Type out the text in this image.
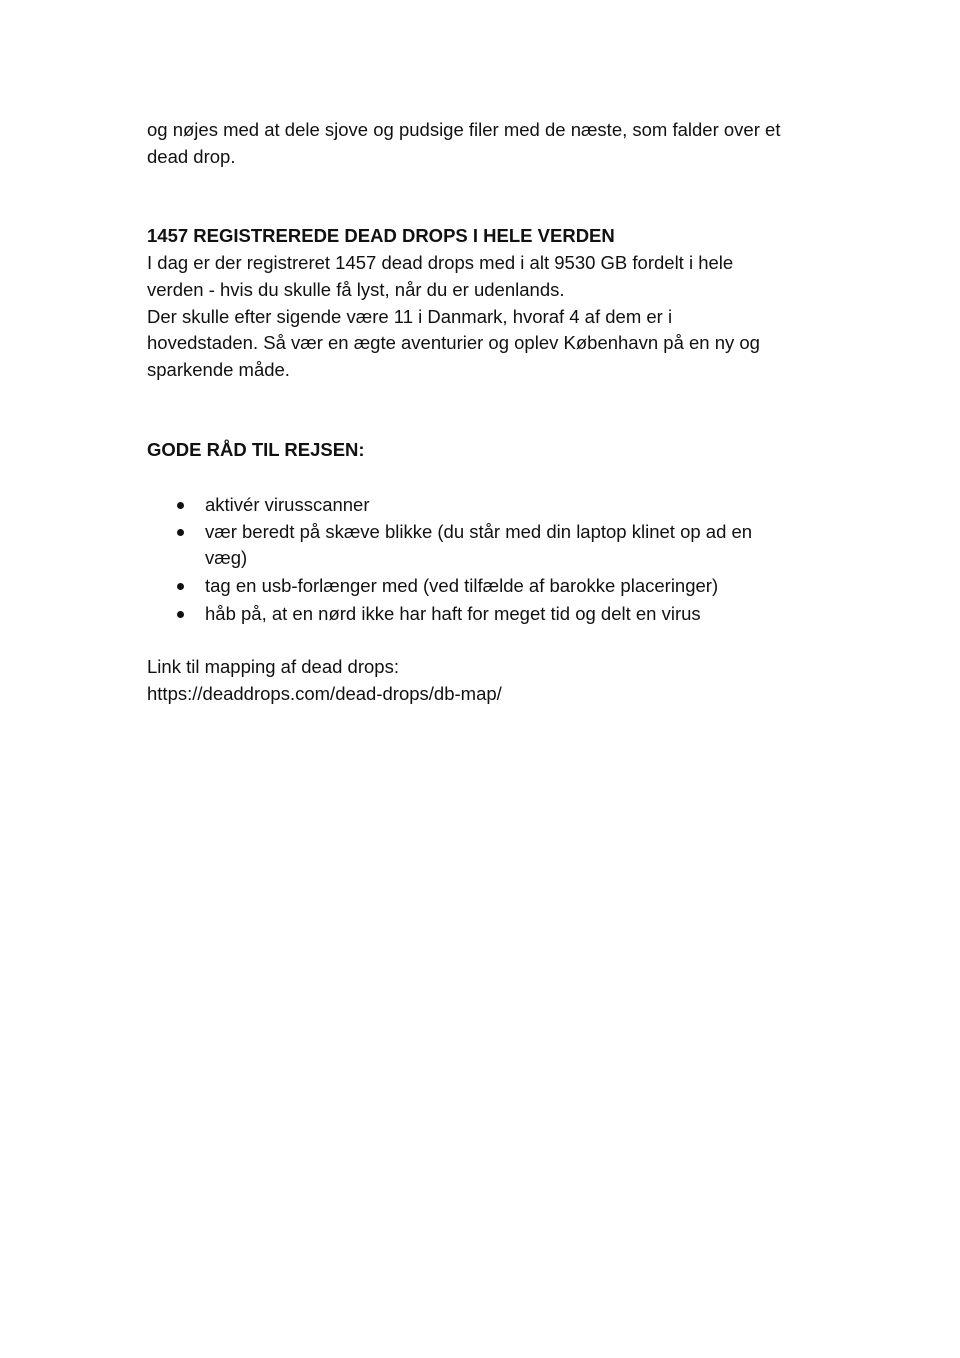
og nøjes med at dele sjove og pudsige filer med de næste, som falder over et
dead drop.
1457 REGISTREREDE DEAD DROPS I HELE VERDEN
I dag er der registreret 1457 dead drops med i alt 9530 GB fordelt i hele
verden - hvis du skulle få lyst, når du er udenlands.
Der skulle efter sigende være 11 i Danmark, hvoraf 4 af dem er i
hovedstaden. Så vær en ægte aventurier og oplev København på en ny og
sparkende måde.
GODE RÅD TIL REJSEN:
aktivér virusscanner
vær beredt på skæve blikke (du står med din laptop klinet op ad en
væg)
tag en usb-forlænger med (ved tilfælde af barokke placeringer)
håb på, at en nørd ikke har haft for meget tid og delt en virus
Link til mapping af dead drops:
https://deaddrops.com/dead-drops/db-map/
